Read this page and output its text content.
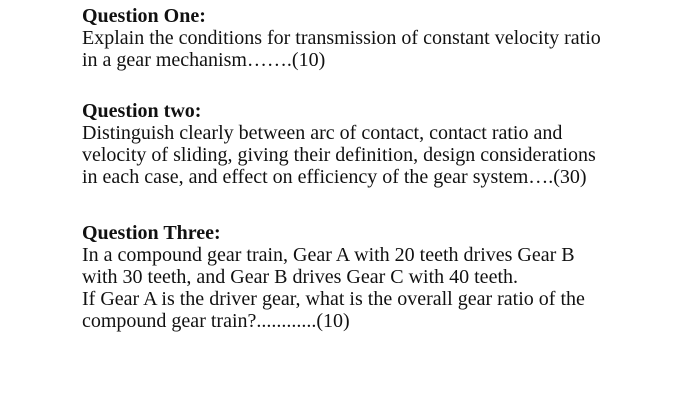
Question One:
Explain the conditions for transmission of constant velocity ratio
in a gear mechanism…….(10)
Question two:
Distinguish clearly between arc of contact, contact ratio and
velocity of sliding, giving their definition, design considerations
in each case, and effect on efficiency of the gear system….(30)
Question Three:
In a compound gear train, Gear A with 20 teeth drives Gear B
with 30 teeth, and Gear B drives Gear C with 40 teeth.
If Gear A is the driver gear, what is the overall gear ratio of the
compound gear train?............(10)
